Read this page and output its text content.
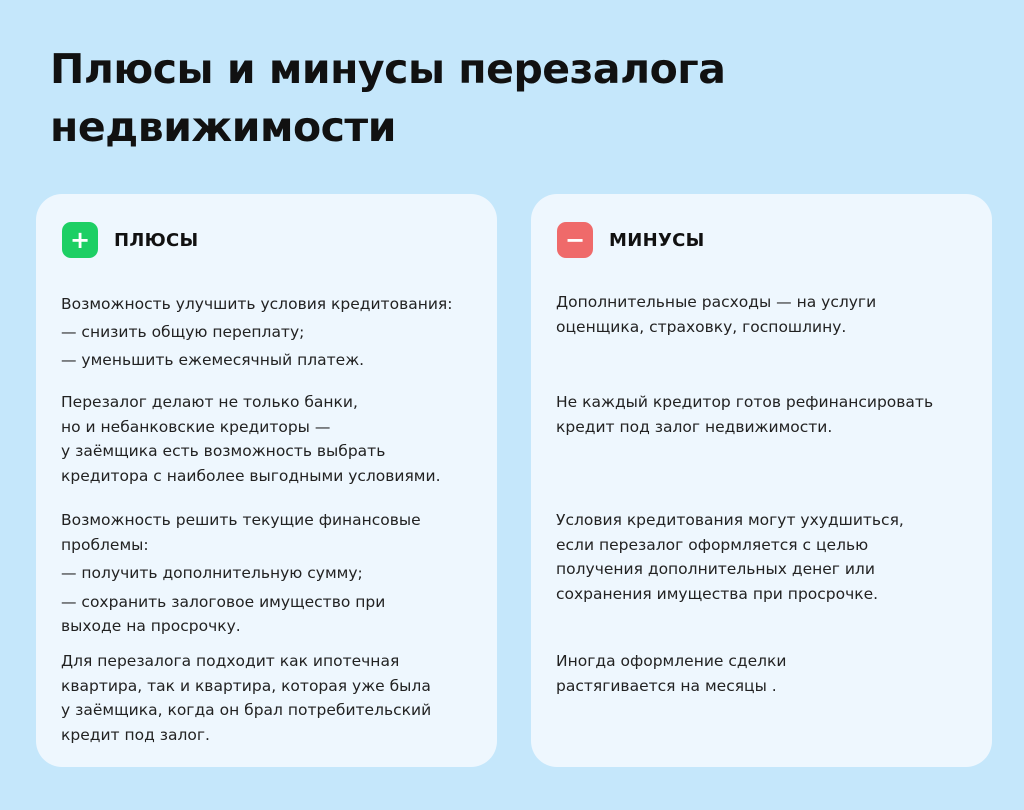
Плюсы и минусы перезалога
недвижимости
+	ПЛЮСЫ
Возможность улучшить условия кредитования:
— снизить общую переплату;
— уменьшить ежемесячный платеж.
Перезалог делают не только банки,
но и небанковские кредиторы —
у заёмщика есть возможность выбрать
кредитора с наиболее выгодными условиями.
Возможность решить текущие финансовые
проблемы:
— получить дополнительную сумму;
— сохранить залоговое имущество при
выходе на просрочку.
Для перезалога подходит как ипотечная
квартира, так и квартира, которая уже была
у заёмщика, когда он брал потребительский
кредит под залог.
−	МИНУСЫ
Дополнительные расходы — на услуги
оценщика, страховку, госпошлину.
Не каждый кредитор готов рефинансировать
кредит под залог недвижимости.
Условия кредитования могут ухудшиться,
если перезалог оформляется с целью
получения дополнительных денег или
сохранения имущества при просрочке.
Иногда оформление сделки
растягивается на месяцы .
